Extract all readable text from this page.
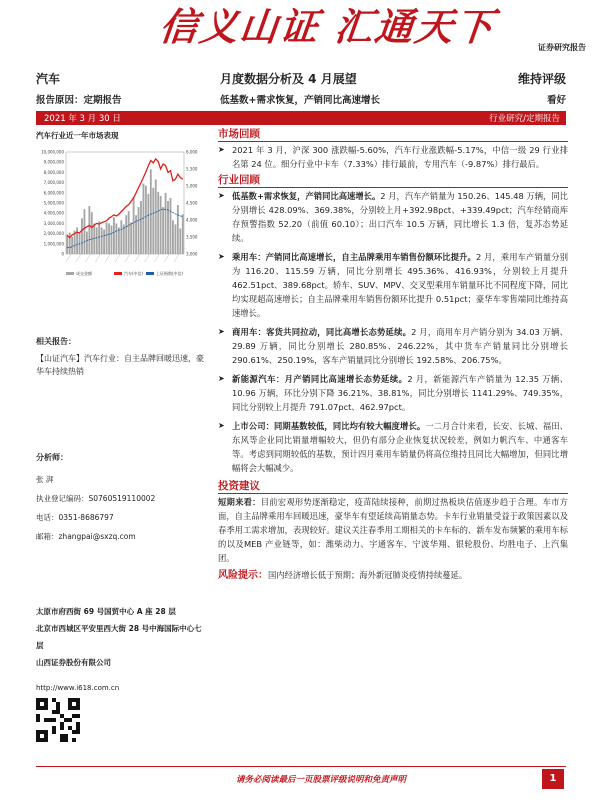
信义山证 汇通天下	证券研究报告
汽车	月度数据分析及 4 月展望	维持评级
报告原因：定期报告	低基数+需求恢复，产销同比高速增长	看好
2021 年 3 月 30 日	行业研究/定期报告
汽车行业近一年市场表现
10,000,000
9,000,000
8,000,000
7,000,000
6,000,000
5,000,000
4,000,000
3,000,000
2,000,000
1,000,000
0
6,000
5,500
5,000
4,500
4,000
3,500
3,000
成交金额	汽车(中信)	上证指数(中信)
相关报告：
【山证汽车】汽车行业：自主品牌回暖迅速，豪华车持续热销
分析师：
张 湃
执业登记编码：S0760519110002
电话：0351-8686797
邮箱：zhangpai@sxzq.com
太原市府西街 69 号国贸中心 A 座 28 层
北京市西城区平安里西大街 28 号中海国际中心七层
山西证券股份有限公司
http://www.i618.com.cn
市场回顾
➤ 2021 年 3 月，沪深 300 涨跌幅-5.60%，汽车行业涨跌幅-5.17%，中信一级 29 行业排名第 24 位。细分行业中卡车（7.33%）排行最前，专用汽车（-9.87%）排行最后。
行业回顾
➤ 低基数+需求恢复，产销同比高速增长。2 月，汽车产销量为 150.26、145.48 万辆，同比分别增长 428.09%、369.38%，分别较上月+392.98pct、+339.49pct；汽车经销商库存预警指数 52.20（前值 60.10）；出口汽车 10.5 万辆，同比增长 1.3 倍，复苏态势延续。
➤ 乘用车：产销同比高速增长，自主品牌乘用车销售份额环比提升。2 月，乘用车产销量分别为 116.20、115.59 万辆，同比分别增长 495.36%、416.93%，分别较上月提升 462.51pct、389.68pct。轿车、SUV、MPV、交叉型乘用车销量环比不同程度下降，同比均实现超高速增长；自主品牌乘用车销售份额环比提升 0.51pct；豪华车零售端同比维持高速增长。
➤ 商用车：客货共同拉动，同比高增长态势延续。2 月，商用车月产销分别为 34.03 万辆、29.89 万辆，同比分别增长 280.85%、246.22%，其中货车产销量同比分别增长 290.61%、250.19%，客车产销量同比分别增长 192.58%、206.75%。
➤ 新能源汽车：月产销同比高速增长态势延续。2 月，新能源汽车产销量为 12.35 万辆、10.96 万辆，环比分别下降 36.21%、38.81%，同比分别增长 1141.29%、749.35%，同比分别较上月提升 791.07pct、462.97pct。
➤ 上市公司：同期基数较低，同比均有较大幅度增长。一二月合计来看，长安、长城、福田、东风等企业同比销量增幅较大，但仍有部分企业恢复状况较差，例如力帆汽车、中通客车等。考虑到同期较低的基数，预计四月乘用车销量仍将高位维持且同比大幅增加，但同比增幅将会大幅减少。
投资建议
短期来看：目前宏观形势逐渐稳定，疫苗陆续接种，前期过热板块估值逐步趋于合理。车市方面，自主品牌乘用车回暖迅速，豪华车有望延续高销量态势。卡车行业销量受益于政策因素以及春季用工需求增加，表现较好。建议关注春季用工期相关的卡车标的、新车发布频繁的乘用车标的以及MEB 产业链等，如：潍柴动力、宇通客车、宁波华翔、银轮股份、均胜电子、上汽集团。
风险提示：国内经济增长低于预期；海外新冠肺炎疫情持续蔓延。
请务必阅读最后一页股票评级说明和免责声明	1
